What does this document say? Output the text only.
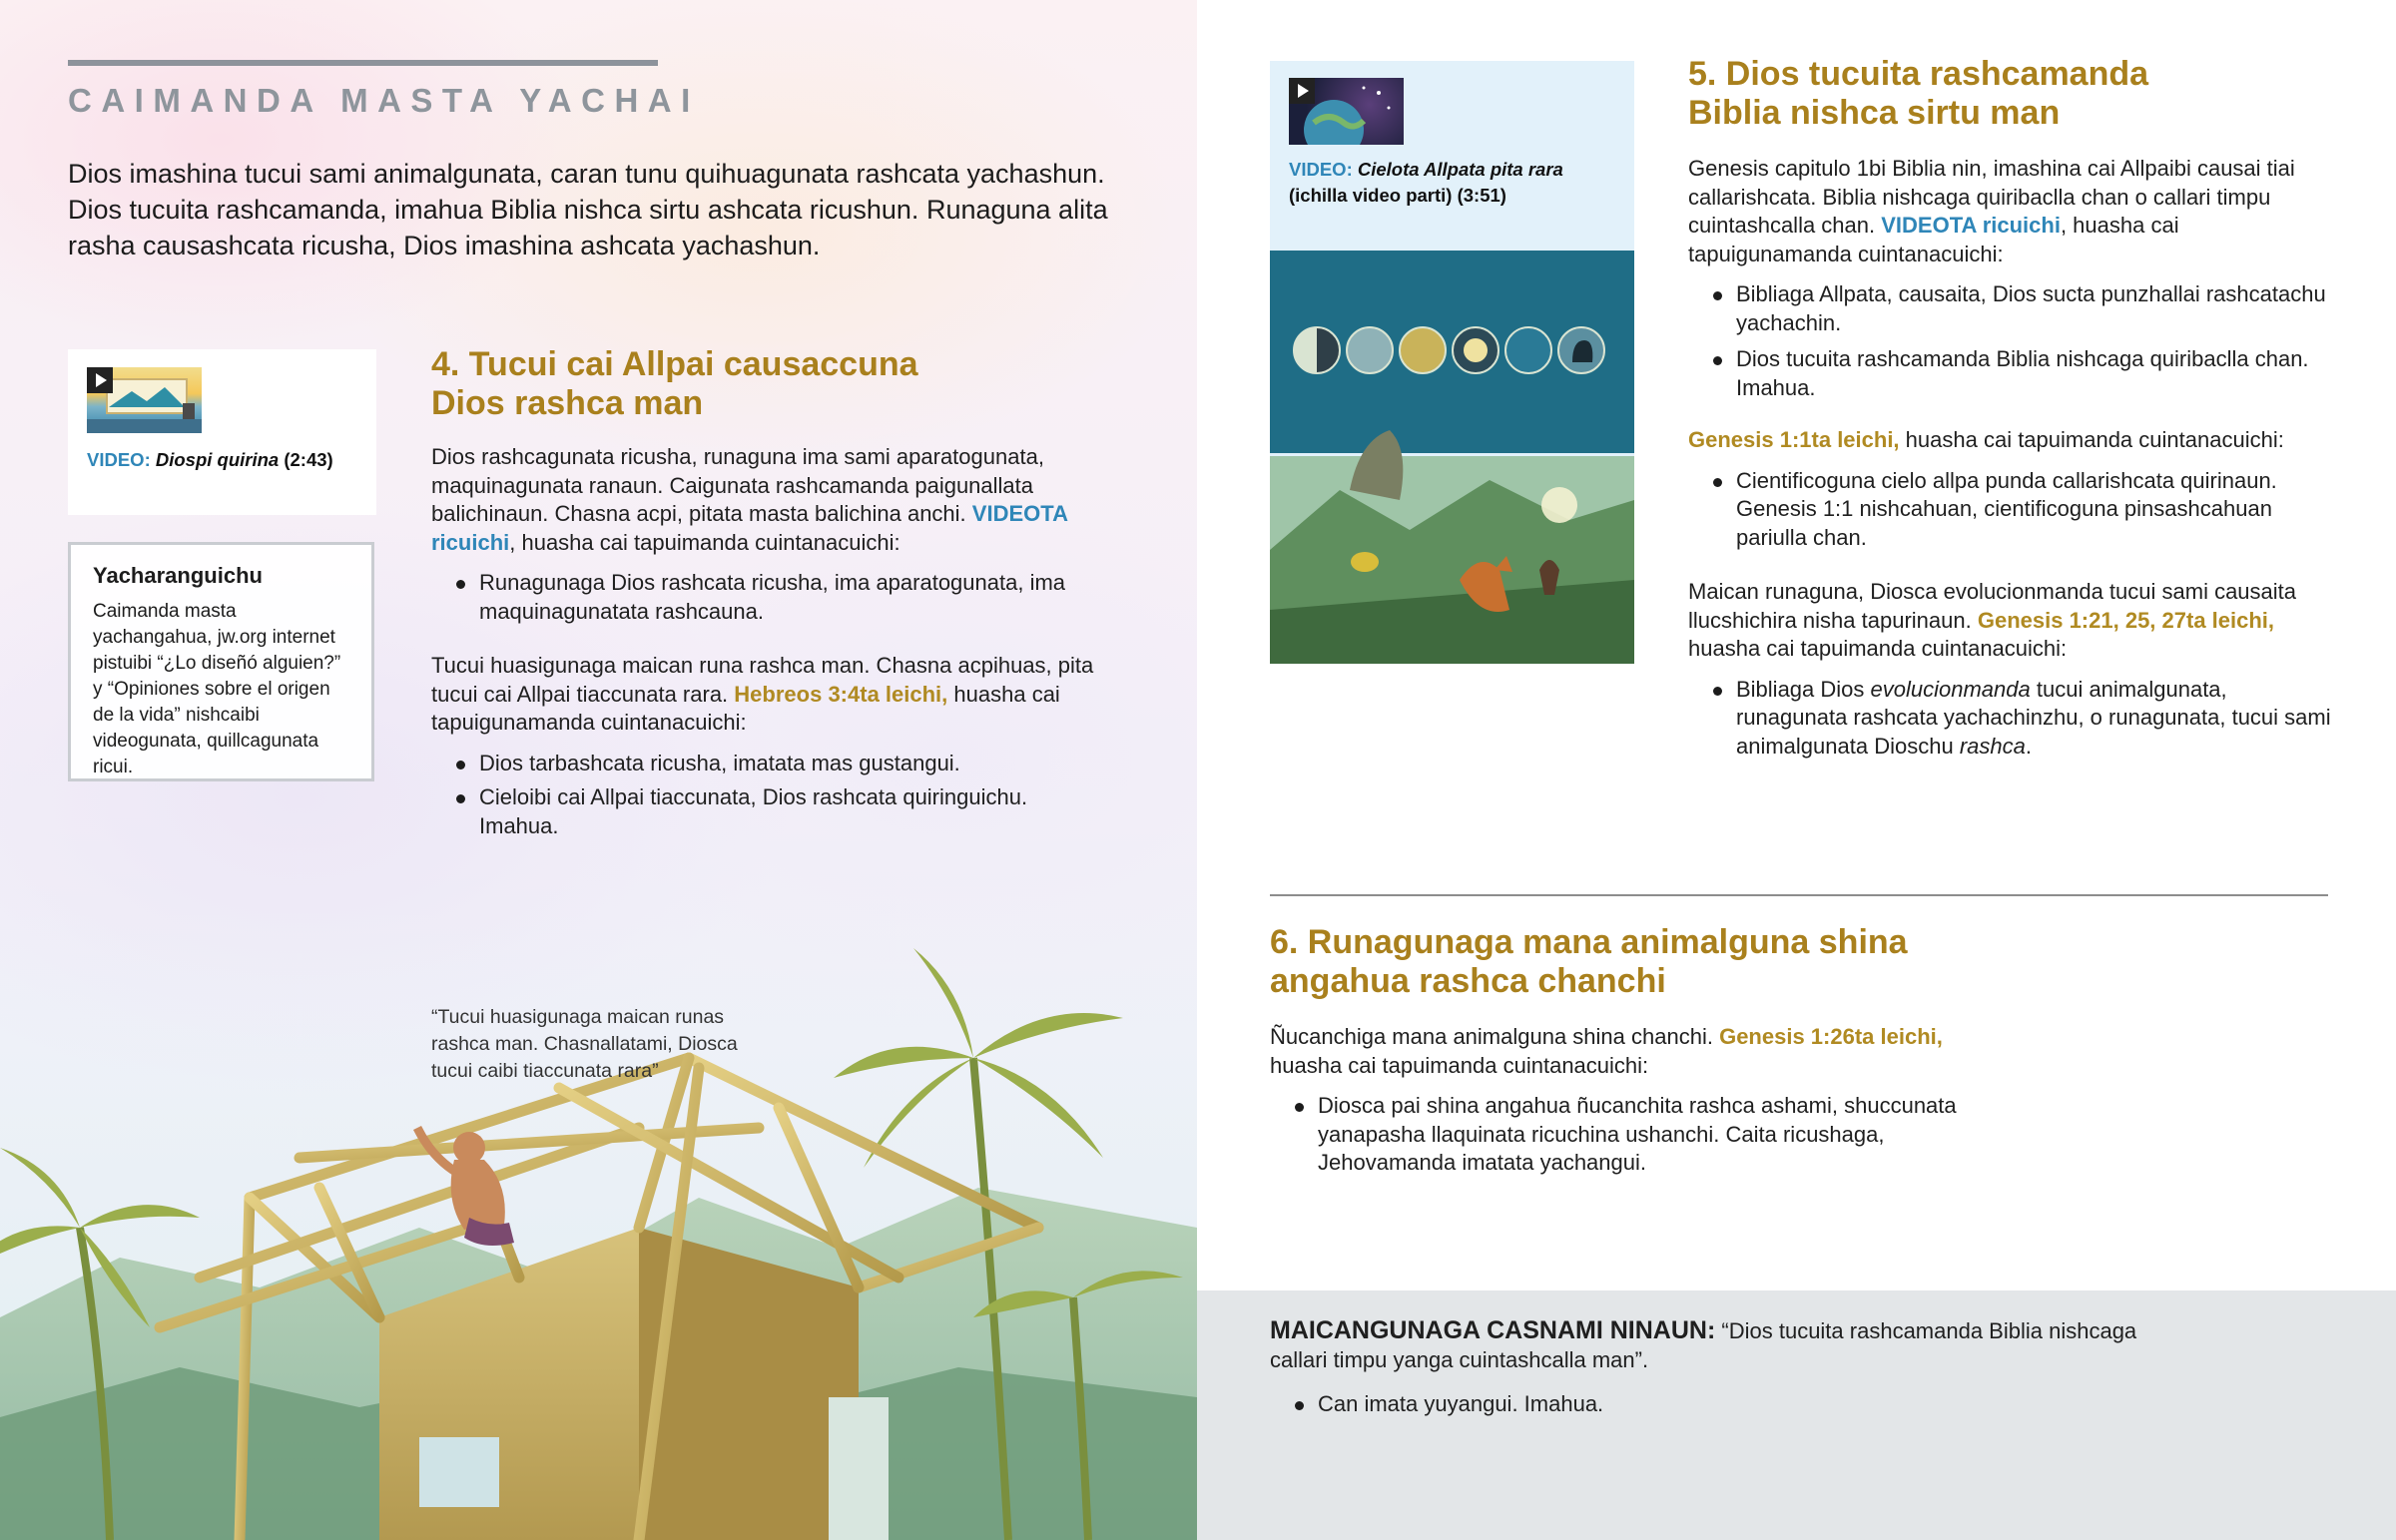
CAIMANDA MASTA YACHAI
Dios imashina tucui sami animalgunata, caran tunu quihuagunata rashcata yachashun. Dios tucuita rashcamanda, imahua Biblia nishca sirtu ashcata ricushun. Runaguna alita rasha causashcata ricusha, Dios imashina ashcata yachashun.
VIDEO: Diospi quirina (2:43)
Yacharanguichu
Caimanda masta yachangahua, jw.org internet pistuibi “¿Lo diseñó alguien?” y “Opiniones sobre el origen de la vida” nishcaibi videogunata, quillcagunata ricui.
4. Tucui cai Allpai causaccuna
Dios rashca man
Dios rashcagunata ricusha, runaguna ima sami aparatogunata, maquinagunata ranaun. Caigunata rashcamanda paigunallata balichinaun. Chasna acpi, pitata masta balichina anchi. VIDEOTA ricuichi, huasha cai tapuimanda cuintanacuichi:
Runagunaga Dios rashcata ricusha, ima aparatogunata, ima maquinagunatata rashcauna.
Tucui huasigunaga maican runa rashca man. Chasna acpihuas, pita tucui cai Allpai tiaccunata rara. Hebreos 3:4ta leichi, huasha cai tapuigunamanda cuintanacuichi:
Dios tarbashcata ricusha, imatata mas gustangui.
Cieloibi cai Allpai tiaccunata, Dios rashcata quiringuichu. Imahua.
“Tucui huasigunaga maican runas rashca man. Chasnallatami, Diosca tucui caibi tiaccunata rara”
VIDEO: Cielota Allpata pita rara
(ichilla video parti) (3:51)
5. Dios tucuita rashcamanda
Biblia nishca sirtu man
Genesis capitulo 1bi Biblia nin, imashina cai Allpaibi causai tiai callarishcata. Biblia nishcaga quiribaclla chan o callari timpu cuintashcalla chan. VIDEOTA ricuichi, huasha cai tapuigunamanda cuintanacuichi:
Bibliaga Allpata, causaita, Dios sucta punzhallai rashcatachu yachachin.
Dios tucuita rashcamanda Biblia nishcaga quiribaclla chan. Imahua.
Genesis 1:1ta leichi, huasha cai tapuimanda cuintanacuichi:
Cientificoguna cielo allpa punda callarishcata quirinaun. Genesis 1:1 nishcahuan, cientificoguna pinsashcahuan pariulla chan.
Maican runaguna, Diosca evolucionmanda tucui sami causaita llucshichira nisha tapurinaun. Genesis 1:21, 25, 27ta leichi, huasha cai tapuimanda cuintanacuichi:
Bibliaga Dios evolucionmanda tucui animalgunata, runagunata rashcata yachachinzhu, o runagunata, tucui sami animalgunata Dioschu rashca.
6. Runagunaga mana animalguna shina
angahua rashca chanchi
Ñucanchiga mana animalguna shina chanchi. Genesis 1:26ta leichi, huasha cai tapuimanda cuintanacuichi:
Diosca pai shina angahua ñucanchita rashca ashami, shuccunata yanapasha llaquinata ricuchina ushanchi. Caita ricushaga, Jehovamanda imatata yachangui.
MAICANGUNAGA CASNAMI NINAUN: “Dios tucuita rashcamanda Biblia nishcaga callari timpu yanga cuintashcalla man”.
Can imata yuyangui. Imahua.
